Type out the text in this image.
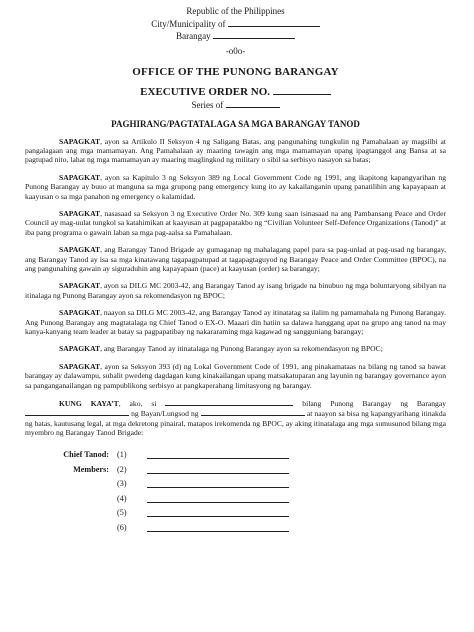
Republic of the Philippines
City/Municipality of
Barangay
-o0o-
OFFICE OF THE PUNONG BARANGAY
EXECUTIVE ORDER NO.
Series of
PAGHIRANG/PAGTATALAGA SA MGA BARANGAY TANOD

SAPAGKAT, ayon sa Artikulo II Seksyon 4 ng Saligang Batas, ang pangunahing tungkulin ng Pamahalaan ay magsilbi at pangalagaan ang mga mamamayan. Ang Pamahalaan ay maaring tawagin ang mga mamamayan upang ipagtanggol ang Bansa at sa pagtupad nito, lahat ng mga mamamayan ay maaring maglingkod ng military o sibil sa serbisyo nasayon sa batas;

SAPAGKAT, ayon sa Kapitulo 3 ng Seksyon 389 ng Local Government Code ng 1991, ang ikapitong kapangyarihan ng Punong Barangay ay buuo at manguna sa mga grupong pang emergency kung ito ay kakailanganin upang panatilihin ang kapayapaan at kaayusan o sa mga panahon ng emergency o kalamidad.

SAPAGKAT, nasasaad sa Seksyon 3 ng Executive Order No. 309 kung saan isinasaad na ang Pambansang Peace and Order Council ay mag-uulat tungkol sa katahimikan at kaayusan at pagpapatakbo ng “Civilian Volunteer Self-Defence Organizations (Tanod)” at iba pang programa o gawain laban sa mga pag-aalsa sa Pamahalaan.

SAPAGKAT, ang Barangay Tanod Brigade ay gumaganap ng mahalagang papel para sa pag-unlad at pag-usad ng barangay, ang Barangay Tanod ay isa sa mga kinatawang tagapagpatupad at tagapagtaguyod ng Barangay Peace and Order Committee (BPOC), na ang pangunahing gawain ay siguraduhin ang kapayapaan (pace) at kaayusan (order) sa barangay;

SAPAGKAT, ayon sa DILG MC 2003-42, ang Barangay Tanod ay isang brigade na binubuo ng mga boluntaryong sibilyan na itinalaga ng Punong Barangay ayon sa rekomendasyon ng BPOC;

SAPAGKAT, naayon sa DILG MC 2003-42, ang Barangay Tanod ay itinatatag sa ilalim ng pamamahala ng Punong Barangay. Ang Punong Barangay ang magtatalaga ng Chief Tanod o EX-O. Maaari din hatiin sa dalawa hanggang apat na grupo ang tanod na may kanya-kanyang team leader at batay sa pagpapatibay ng nakararaming mga kagawad ng sangguniang barangay;

SAPAGKAT, ang Barangay Tanod ay itinatalaga ng Punong Barangay ayon sa rekomendasyon ng BPOC;

SAPAGKAT, ayon sa Seksyon 393 (d) ng Lokal Government Code of 1991, ang pinakamataas na bilang ng tanod sa bawat barangay ay dalawampu, subalit pwedeng dagdagan kung kinakailangan upang matsakatuparan ang layunin ng barangay governance ayon sa panganganailangan ng pampublikong serbisyo at pangkaperahang limitasyong ng barangay.

KUNG KAYA’T, ako, si	bilang Punong Barangay ng Barangay  ng Bayan/Lungsod ng	at naayon sa bisa ng kapangyarihang itinakda ng batas, kautusang legal, at mga dekretong pinairal, matapos irekomenda ng BPOC, ay aking itinatalaga ang mga sumusunod bilang mga myembro ng Barangay Tanod Brigade:

Chief Tanod: (1)
Members: (2)
(3)
(4)
(5)
(6)
